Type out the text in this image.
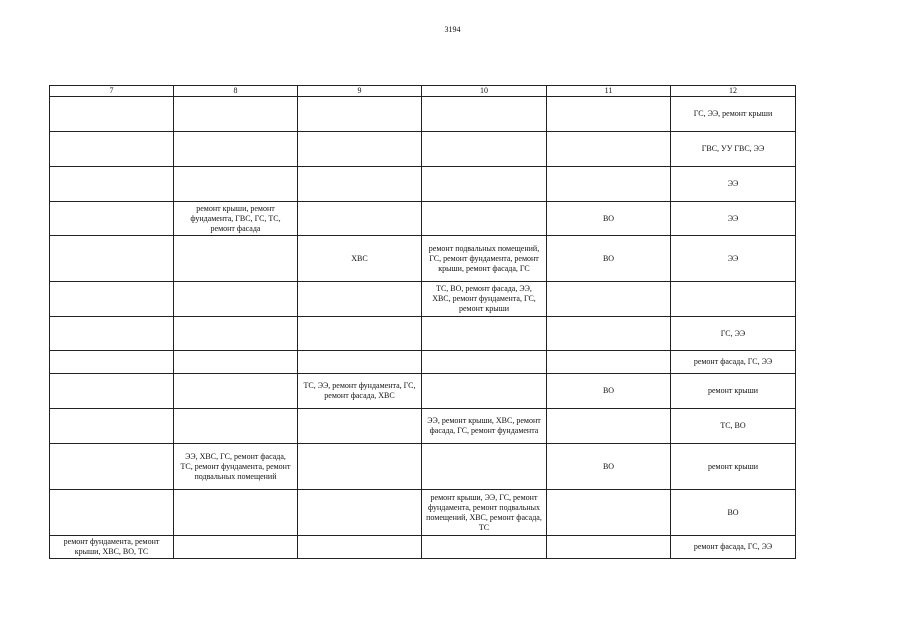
3194
7	8	9	10	11	12
					ГС, ЭЭ, ремонт крыши
					ГВС, УУ ГВС, ЭЭ
					ЭЭ
	ремонт крыши, ремонт фундамента, ГВС, ГС, ТС, ремонт фасада			ВО	ЭЭ
		ХВС	ремонт подвальных помещений, ГС, ремонт фундамента, ремонт крыши, ремонт фасада, ГС	ВО	ЭЭ
			ТС, ВО, ремонт фасада, ЭЭ, ХВС, ремонт фундамента, ГС, ремонт крыши		
					ГС, ЭЭ
					ремонт фасада, ГС, ЭЭ
		ТС, ЭЭ, ремонт фундамента, ГС, ремонт фасада, ХВС		ВО	ремонт крыши
			ЭЭ, ремонт крыши, ХВС, ремонт фасада, ГС, ремонт фундамента		ТС, ВО
	ЭЭ, ХВС, ГС, ремонт фасада, ТС, ремонт фундамента, ремонт подвальных помещений			ВО	ремонт крыши
			ремонт крыши, ЭЭ, ГС, ремонт фундамента, ремонт подвальных помещений, ХВС, ремонт фасада, ТС		ВО
ремонт фундамента, ремонт крыши, ХВС, ВО, ТС					ремонт фасада, ГС, ЭЭ
